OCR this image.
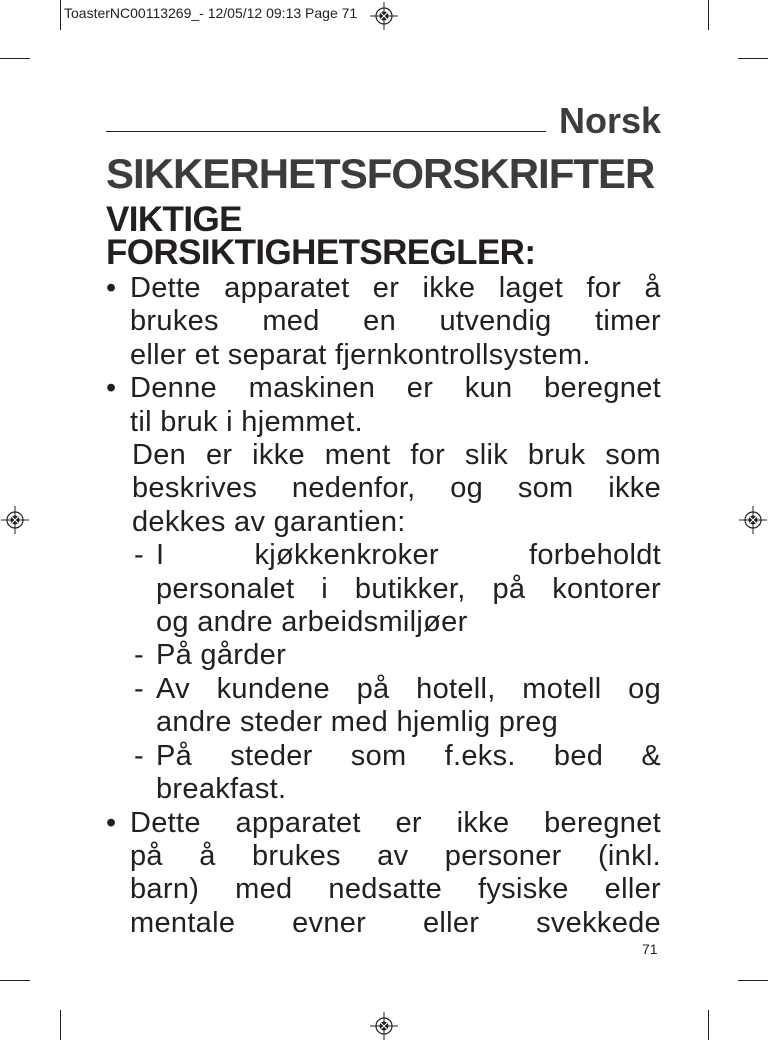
ToasterNC00113269_- 12/05/12 09:13 Page 71
Norsk
SIKKERHETSFORSKRIFTER
VIKTIGE
FORSIKTIGHETSREGLER:
• Dette apparatet er ikke laget for å
brukes med en utvendig timer
eller et separat fjernkontrollsystem.
• Denne maskinen er kun beregnet
til bruk i hjemmet.
Den er ikke ment for slik bruk som
beskrives nedenfor, og som ikke
dekkes av garantien:
- I kjøkkenkroker forbeholdt
personalet i butikker, på kontorer
og andre arbeidsmiljøer
- På gårder
- Av kundene på hotell, motell og
andre steder med hjemlig preg
- På steder som f.eks. bed &
breakfast.
• Dette apparatet er ikke beregnet
på å brukes av personer (inkl.
barn) med nedsatte fysiske eller
mentale evner eller svekkede
71
